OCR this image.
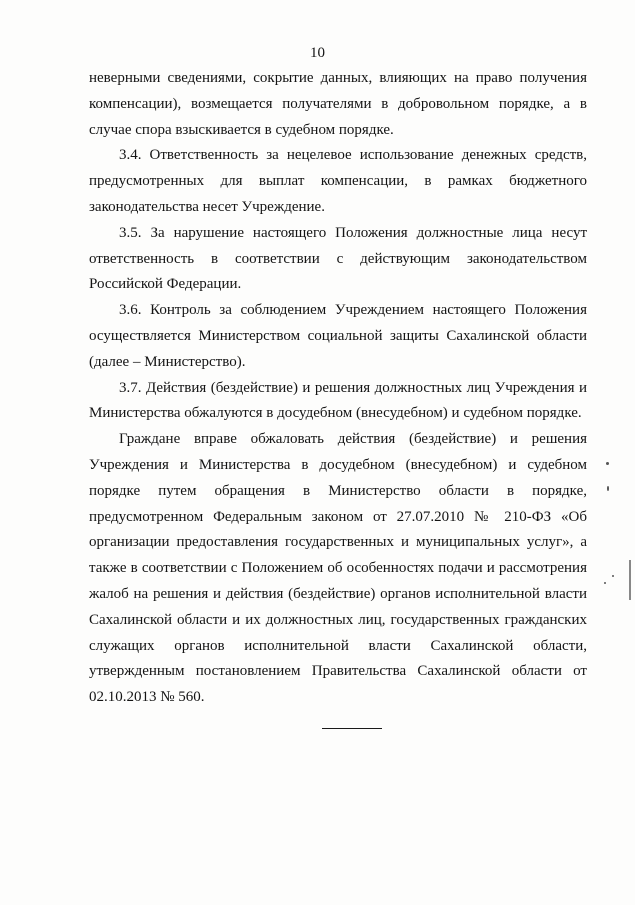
10

неверными сведениями, сокрытие данных, влияющих на право получения компенсации), возмещается получателями в добровольном порядке, а в случае спора взыскивается в судебном порядке.

3.4. Ответственность за нецелевое использование денежных средств, предусмотренных для выплат компенсации, в рамках бюджетного законодательства несет Учреждение.

3.5. За нарушение настоящего Положения должностные лица несут ответственность в соответствии с действующим законодательством Российской Федерации.

3.6. Контроль за соблюдением Учреждением настоящего Положения осуществляется Министерством социальной защиты Сахалинской области (далее – Министерство).

3.7. Действия (бездействие) и решения должностных лиц Учреждения и Министерства обжалуются в досудебном (внесудебном) и судебном порядке.

Граждане вправе обжаловать действия (бездействие) и решения Учреждения и Министерства в досудебном (внесудебном) и судебном порядке путем обращения в Министерство области в порядке, предусмотренном Федеральным законом от 27.07.2010 № 210-ФЗ «Об организации предоставления государственных и муниципальных услуг», а также в соответствии с Положением об особенностях подачи и рассмотрения жалоб на решения и действия (бездействие) органов исполнительной власти Сахалинской области и их должностных лиц, государственных гражданских служащих органов исполнительной власти Сахалинской области, утвержденным постановлением Правительства Сахалинской области от 02.10.2013 № 560.
